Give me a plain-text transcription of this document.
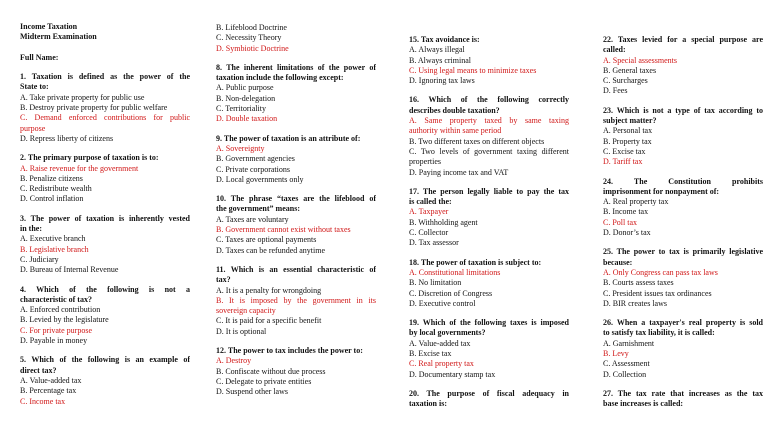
Income Taxation
Midterm Examination
Full Name:
1. Taxation is defined as the power of the
State to:
A. Take private property for public use
B. Destroy private property for public welfare
C. Demand enforced contributions for public
purpose
D. Repress liberty of citizens
2. The primary purpose of taxation is to:
A. Raise revenue for the government
B. Penalize citizens
C. Redistribute wealth
D. Control inflation
3. The power of taxation is inherently vested
in the:
A. Executive branch
B. Legislative branch
C. Judiciary
D. Bureau of Internal Revenue
4. Which of the following is not a
characteristic of tax?
A. Enforced contribution
B. Levied by the legislature
C. For private purpose
D. Payable in money
5. Which of the following is an example of
direct tax?
A. Value-added tax
B. Percentage tax
C. Income tax
B. Lifeblood Doctrine
C. Necessity Theory
D. Symbiotic Doctrine
8. The inherent limitations of the power of
taxation include the following except:
A. Public purpose
B. Non-delegation
C. Territoriality
D. Double taxation
9. The power of taxation is an attribute of:
A. Sovereignty
B. Government agencies
C. Private corporations
D. Local governments only
10. The phrase “taxes are the lifeblood of
the government” means:
A. Taxes are voluntary
B. Government cannot exist without taxes
C. Taxes are optional payments
D. Taxes can be refunded anytime
11. Which is an essential characteristic of
tax?
A. It is a penalty for wrongdoing
B. It is imposed by the government in its
sovereign capacity
C. It is paid for a specific benefit
D. It is optional
12. The power to tax includes the power to:
A. Destroy
B. Confiscate without due process
C. Delegate to private entities
D. Suspend other laws
15. Tax avoidance is:
A. Always illegal
B. Always criminal
C. Using legal means to minimize taxes
D. Ignoring tax laws
16. Which of the following correctly
describes double taxation?
A. Same property taxed by same taxing
authority within same period
B. Two different taxes on different objects
C. Two levels of government taxing different
properties
D. Paying income tax and VAT
17. The person legally liable to pay the tax
is called the:
A. Taxpayer
B. Withholding agent
C. Collector
D. Tax assessor
18. The power of taxation is subject to:
A. Constitutional limitations
B. No limitation
C. Discretion of Congress
D. Executive control
19. Which of the following taxes is imposed
by local governments?
A. Value-added tax
B. Excise tax
C. Real property tax
D. Documentary stamp tax
20. The purpose of fiscal adequacy in
taxation is:
22. Taxes levied for a special purpose are
called:
A. Special assessments
B. General taxes
C. Surcharges
D. Fees
23. Which is not a type of tax according to
subject matter?
A. Personal tax
B. Property tax
C. Excise tax
D. Tariff tax
24. The Constitution prohibits
imprisonment for nonpayment of:
A. Real property tax
B. Income tax
C. Poll tax
D. Donor’s tax
25. The power to tax is primarily legislative
because:
A. Only Congress can pass tax laws
B. Courts assess taxes
C. President issues tax ordinances
D. BIR creates laws
26. When a taxpayer's real property is sold
to satisfy tax liability, it is called:
A. Garnishment
B. Levy
C. Assessment
D. Collection
27. The tax rate that increases as the tax
base increases is called:
